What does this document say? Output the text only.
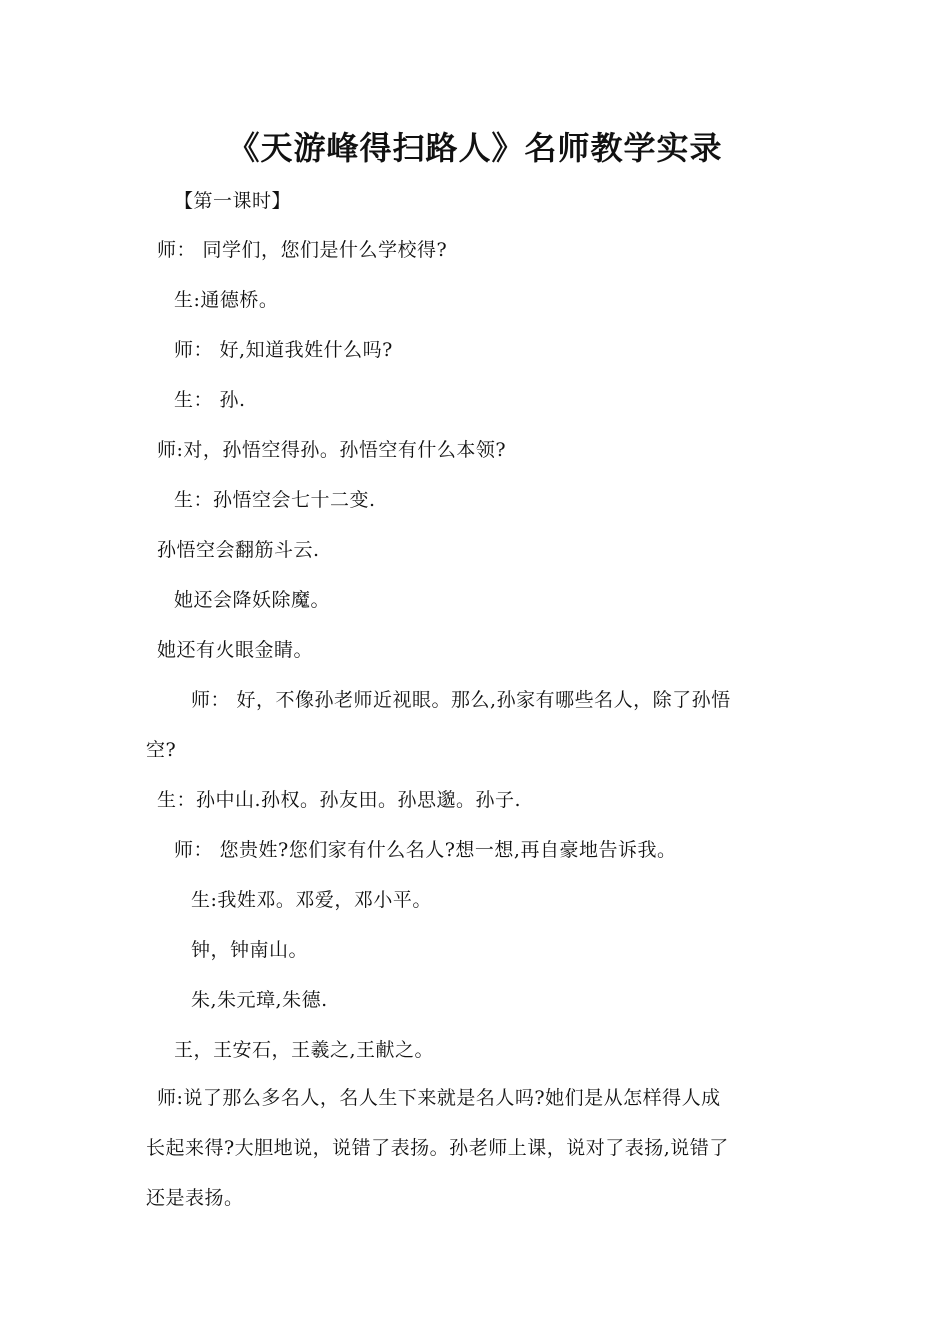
《天游峰得扫路人》名师教学实录
【第一课时】
师： 同学们，您们是什么学校得?
生:通德桥。
师： 好,知道我姓什么吗?
生： 孙.
师:对，孙悟空得孙。孙悟空有什么本领?
生：孙悟空会七十二变.
孙悟空会翻筋斗云.
她还会降妖除魔。
她还有火眼金睛。
师： 好，不像孙老师近视眼。那么,孙家有哪些名人，除了孙悟
空?
生：孙中山.孙权。孙友田。孙思邈。孙子.
师： 您贵姓?您们家有什么名人?想一想,再自豪地告诉我。
生:我姓邓。邓爱，邓小平。
钟，钟南山。
朱,朱元璋,朱德.
王，王安石，王羲之,王献之。
师:说了那么多名人，名人生下来就是名人吗?她们是从怎样得人成
长起来得?大胆地说，说错了表扬。孙老师上课，说对了表扬,说错了
还是表扬。
